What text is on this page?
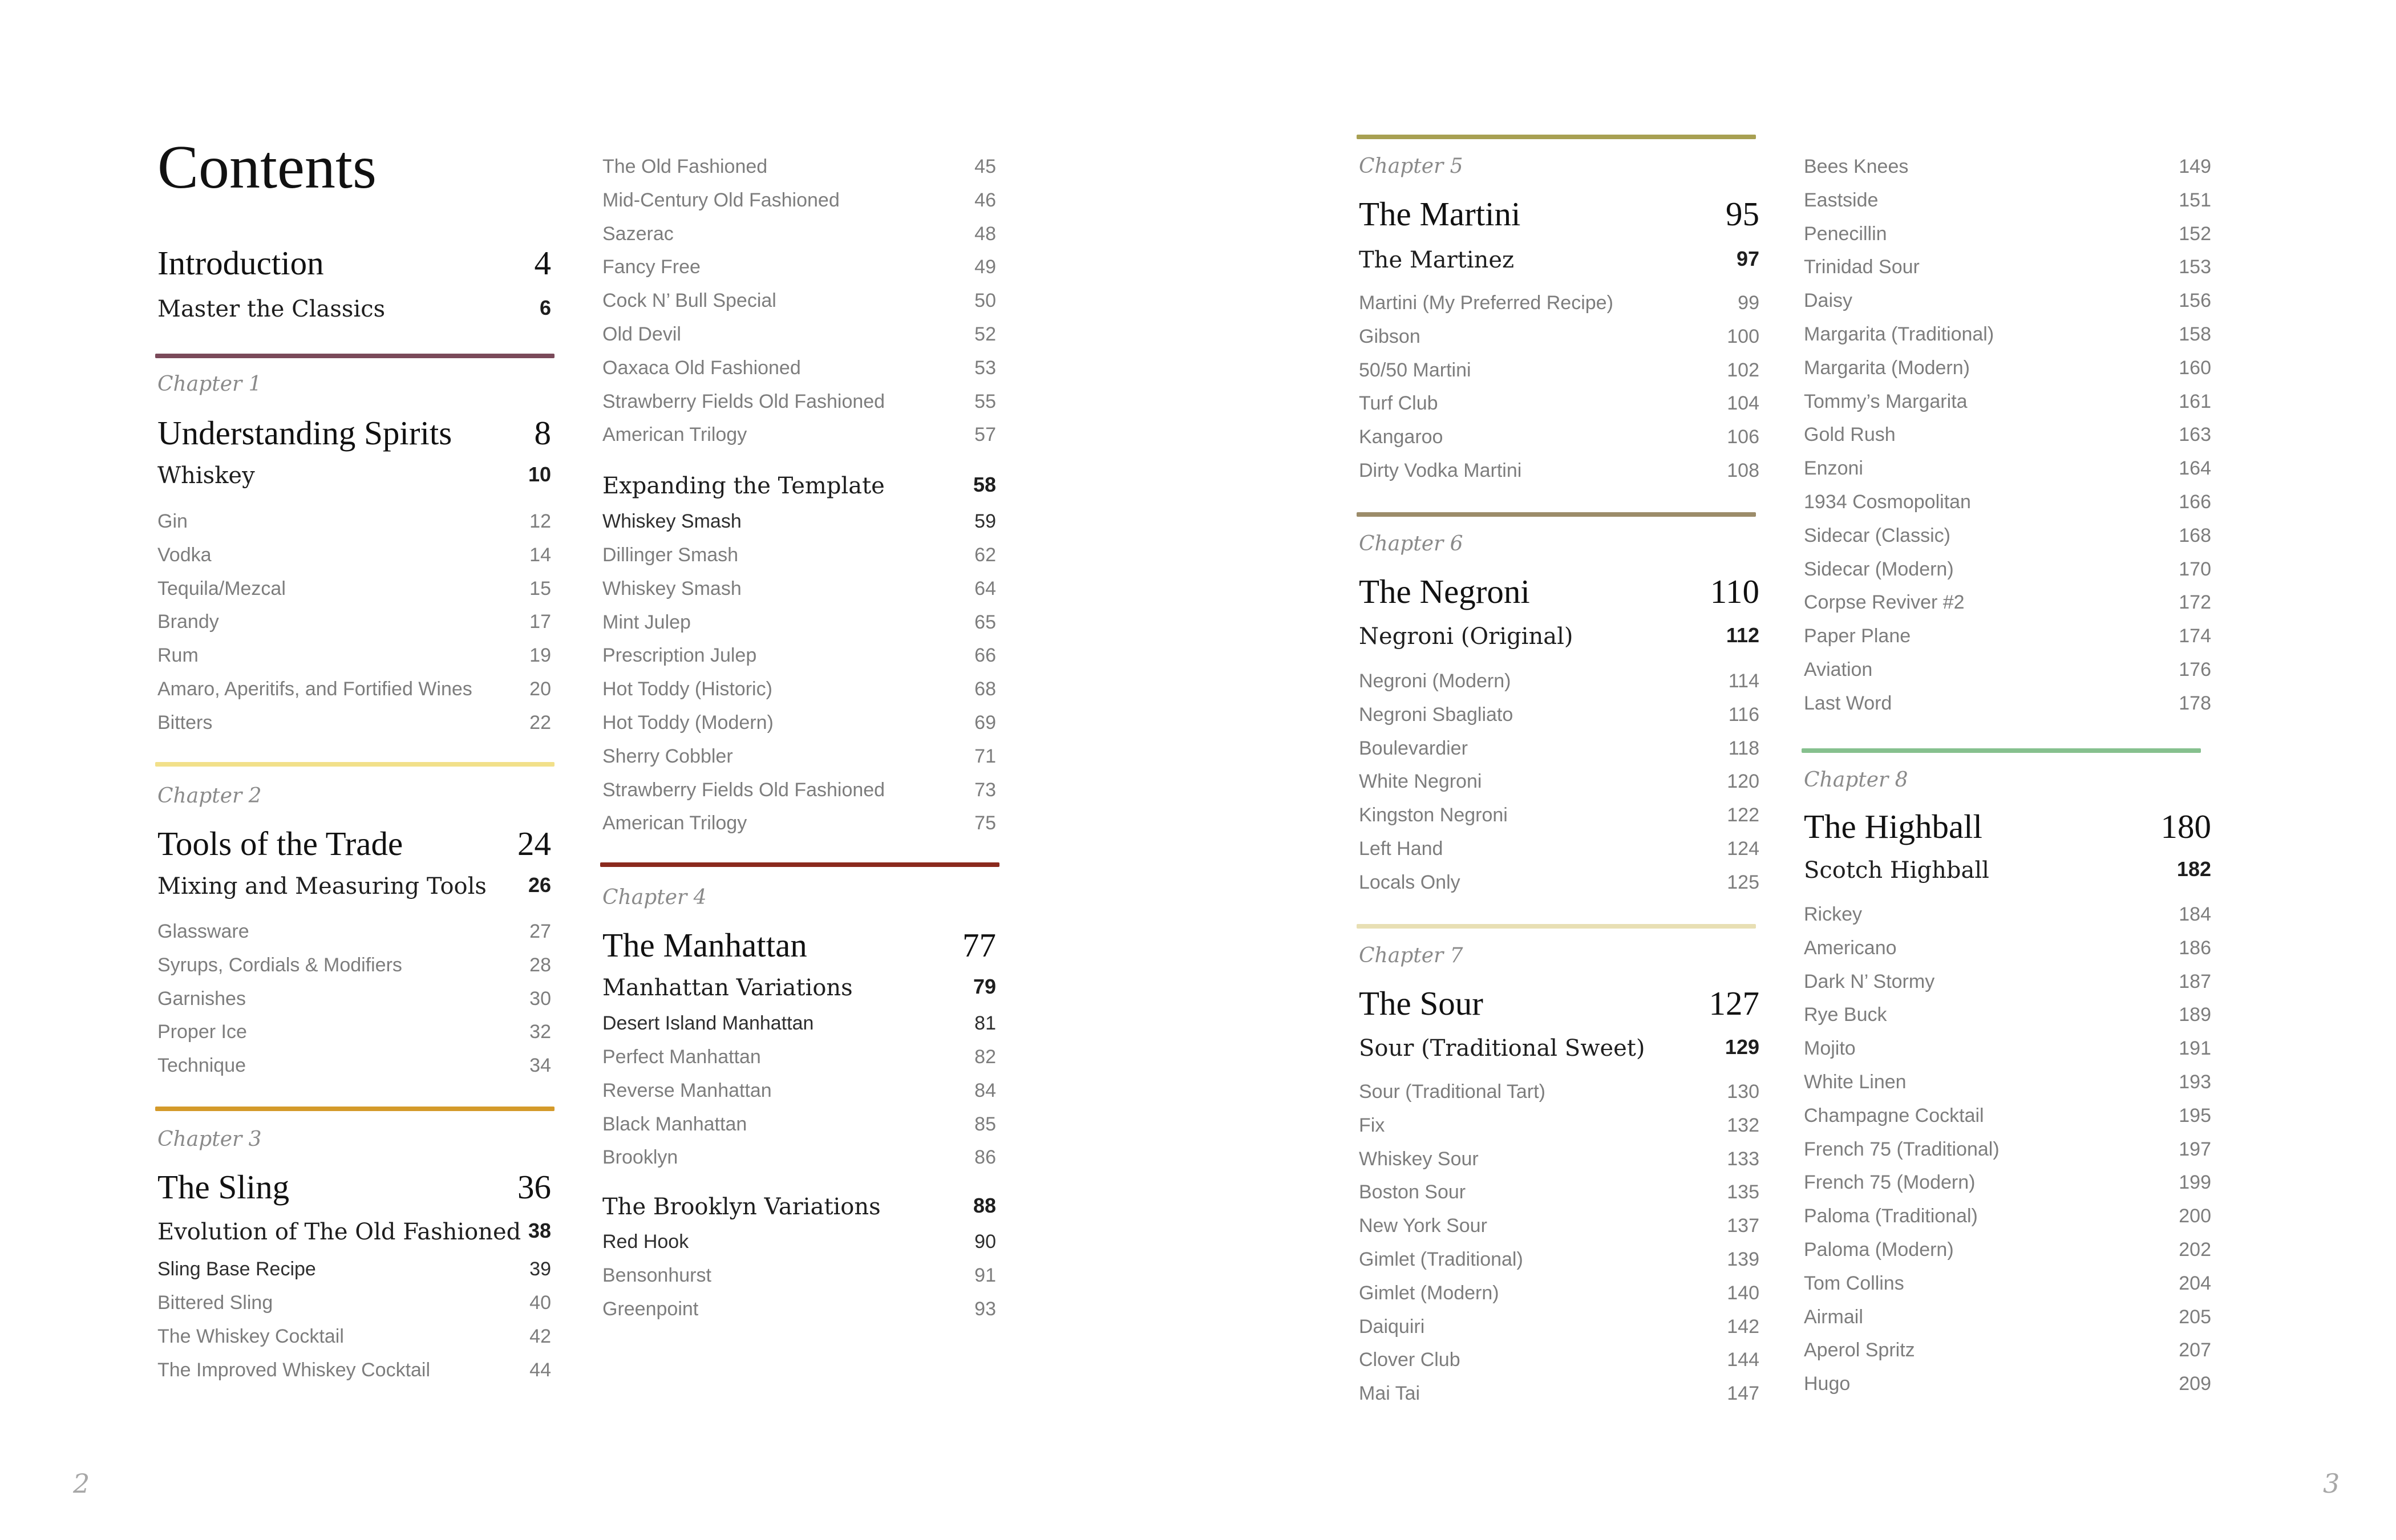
Contents
Introduction	4
Master the Classics	6
Chapter 1
Understanding Spirits 8
Whiskey	10
Gin	12
Vodka	14
Tequila/Mezcal	15
Brandy	17
Rum	19
Amaro, Aperitifs, and Fortified Wines	20
Bitters	22
Chapter 2
Tools of the Trade	24
Mixing and Measuring Tools 26
Glassware	27
Syrups, Cordials & Modifiers	28
Garnishes	30
Proper Ice	32
Technique	34
Chapter 3
The Sling	36
Evolution of The Old Fashioned 38
Sling Base Recipe	39
Bittered Sling	40
The Whiskey Cocktail	42
The Improved Whiskey Cocktail	44
The Old Fashioned	45
Mid-Century Old Fashioned	46
Sazerac	48
Fancy Free	49
Cock N’ Bull Special	50
Old Devil	52
Oaxaca Old Fashioned	53
Strawberry Fields Old Fashioned	55
American Trilogy	57
Expanding the Template	58
Whiskey Smash	59
Dillinger Smash	62
Whiskey Smash	64
Mint Julep	65
Prescription Julep	66
Hot Toddy (Historic)	68
Hot Toddy (Modern)	69
Sherry Cobbler	71
Strawberry Fields Old Fashioned	73
American Trilogy	75
Chapter 4
The Manhattan	77
Manhattan Variations	79
Desert Island Manhattan	81
Perfect Manhattan	82
Reverse Manhattan	84
Black Manhattan	85
Brooklyn	86
The Brooklyn Variations	88
Red Hook	90
Bensonhurst	91
Greenpoint	93
Chapter 5
The Martini	95
The Martinez	97
Martini (My Preferred Recipe)	99
Gibson	100
50/50 Martini	102
Turf Club	104
Kangaroo	106
Dirty Vodka Martini	108
Chapter 6
The Negroni	110
Negroni (Original)	112
Negroni (Modern)	114
Negroni Sbagliato	116
Boulevardier	118
White Negroni	120
Kingston Negroni	122
Left Hand	124
Locals Only	125
Chapter 7
The Sour	127
Sour (Traditional Sweet)	129
Sour (Traditional Tart)	130
Fix	132
Whiskey Sour	133
Boston Sour	135
New York Sour	137
Gimlet (Traditional)	139
Gimlet (Modern)	140
Daiquiri	142
Clover Club	144
Mai Tai	147
Bees Knees	149
Eastside	151
Penecillin	152
Trinidad Sour	153
Daisy	156
Margarita (Traditional)	158
Margarita (Modern)	160
Tommy’s Margarita	161
Gold Rush	163
Enzoni	164
1934 Cosmopolitan	166
Sidecar (Classic)	168
Sidecar (Modern)	170
Corpse Reviver #2	172
Paper Plane	174
Aviation	176
Last Word	178
Chapter 8
The Highball	180
Scotch Highball	182
Rickey	184
Americano	186
Dark N’ Stormy	187
Rye Buck	189
Mojito	191
White Linen	193
Champagne Cocktail	195
French 75 (Traditional)	197
French 75 (Modern)	199
Paloma (Traditional)	200
Paloma (Modern)	202
Tom Collins	204
Airmail	205
Aperol Spritz	207
Hugo	209
2	3
